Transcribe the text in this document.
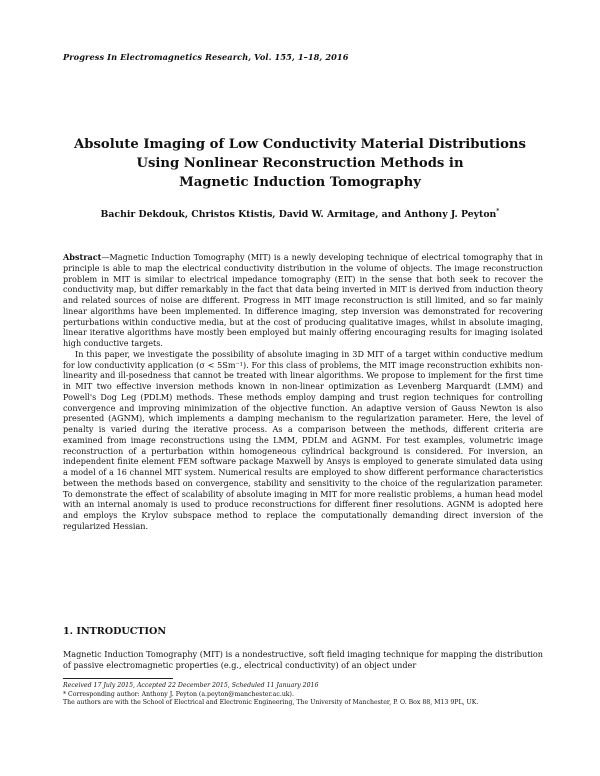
Progress In Electromagnetics Research, Vol. 155, 1–18, 2016
Absolute Imaging of Low Conductivity Material Distributions
Using Nonlinear Reconstruction Methods in
Magnetic Induction Tomography
Bachir Dekdouk, Christos Ktistis, David W. Armitage, and Anthony J. Peyton*

Abstract—Magnetic Induction Tomography (MIT) is a newly developing technique of electrical tomography that in principle is able to map the electrical conductivity distribution in the volume of objects. The image reconstruction problem in MIT is similar to electrical impedance tomography (EIT) in the sense that both seek to recover the conductivity map, but differ remarkably in the fact that data being inverted in MIT is derived from induction theory and related sources of noise are different. Progress in MIT image reconstruction is still limited, and so far mainly linear algorithms have been implemented. In difference imaging, step inversion was demonstrated for recovering perturbations within conductive media, but at the cost of producing qualitative images, whilst in absolute imaging, linear iterative algorithms have mostly been employed but mainly offering encouraging results for imaging isolated high conductive targets.

In this paper, we investigate the possibility of absolute imaging in 3D MIT of a target within conductive medium for low conductivity application (σ < 5Sm⁻¹). For this class of problems, the MIT image reconstruction exhibits non-linearity and ill-posedness that cannot be treated with linear algorithms. We propose to implement for the first time in MIT two effective inversion methods known in non-linear optimization as Levenberg Marquardt (LMM) and Powell's Dog Leg (PDLM) methods. These methods employ damping and trust region techniques for controlling convergence and improving minimization of the objective function. An adaptive version of Gauss Newton is also presented (AGNM), which implements a damping mechanism to the regularization parameter. Here, the level of penalty is varied during the iterative process. As a comparison between the methods, different criteria are examined from image reconstructions using the LMM, PDLM and AGNM. For test examples, volumetric image reconstruction of a perturbation within homogeneous cylindrical background is considered. For inversion, an independent finite element FEM software package Maxwell by Ansys is employed to generate simulated data using a model of a 16 channel MIT system. Numerical results are employed to show different performance characteristics between the methods based on convergence, stability and sensitivity to the choice of the regularization parameter. To demonstrate the effect of scalability of absolute imaging in MIT for more realistic problems, a human head model with an internal anomaly is used to produce reconstructions for different finer resolutions. AGNM is adopted here and employs the Krylov subspace method to replace the computationally demanding direct inversion of the regularized Hessian.

1. INTRODUCTION

Magnetic Induction Tomography (MIT) is a nondestructive, soft field imaging technique for mapping the distribution of passive electromagnetic properties (e.g., electrical conductivity) of an object under

Received 17 July 2015, Accepted 22 December 2015, Scheduled 11 January 2016
* Corresponding author: Anthony J. Peyton (a.peyton@manchester.ac.uk).
The authors are with the School of Electrical and Electronic Engineering, The University of Manchester, P. O. Box 88, M13 9PL, UK.
